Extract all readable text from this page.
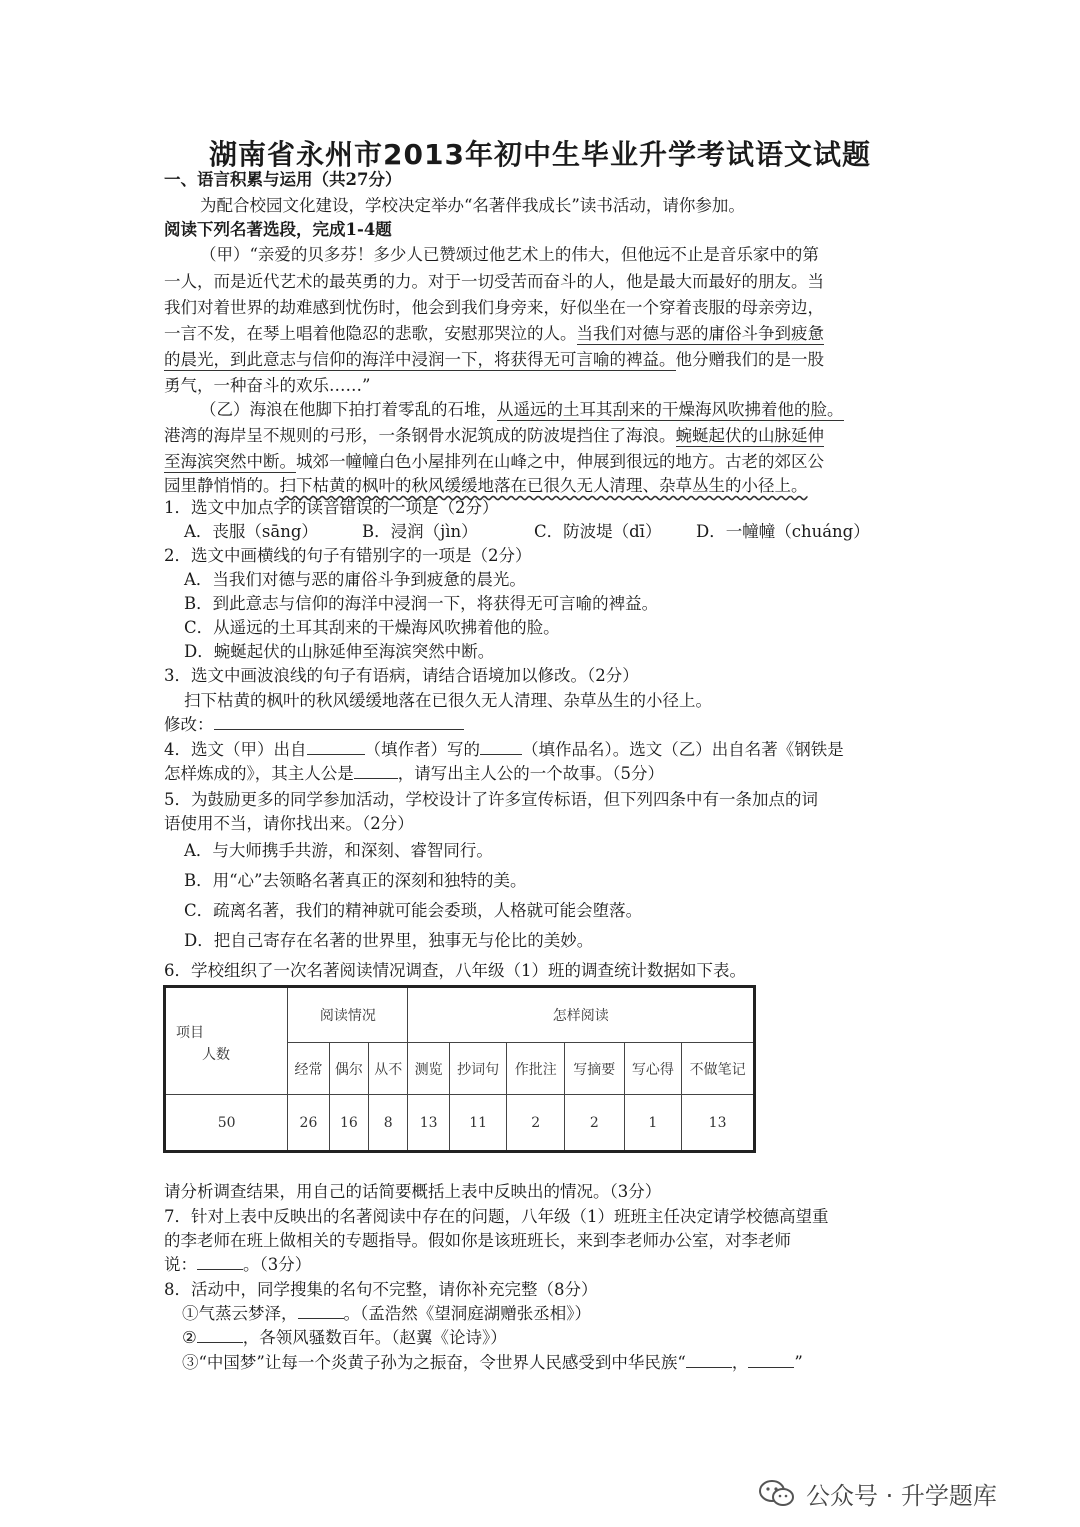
湖南省永州市2013年初中生毕业升学考试语文试题
一、语言积累与运用（共27分）
为配合校园文化建设，学校决定举办“名著伴我成长”读书活动，请你参加。
阅读下列名著选段，完成1-4题
（甲）“亲爱的贝多芬！多少人已赞颂过他艺术上的伟大，但他远不止是音乐家中的第
一人，而是近代艺术的最英勇的力。对于一切受苦而奋斗的人，他是最大而最好的朋友。当
我们对着世界的劫难感到忧伤时，他会到我们身旁来，好似坐在一个穿着丧服的母亲旁边，
一言不发，在琴上唱着他隐忍的悲歌，安慰那哭泣的人。当我们对德与恶的庸俗斗争到疲惫
的晨光，到此意志与信仰的海洋中浸润一下，将获得无可言喻的裨益。他分赠我们的是一股
勇气，一种奋斗的欢乐……”
（乙）海浪在他脚下拍打着零乱的石堆，从遥远的土耳其刮来的干燥海风吹拂着他的脸。
港湾的海岸呈不规则的弓形，一条钢骨水泥筑成的防波堤挡住了海浪。蜿蜒起伏的山脉延伸
至海滨突然中断。城郊一幢幢白色小屋排列在山峰之中，伸展到很远的地方。古老的郊区公
园里静悄悄的。扫下枯黄的枫叶的秋风缓缓地落在已很久无人清理、杂草丛生的小径上。
1．选文中加点字的读音错误的一项是（2分）
A．丧服（sāng）	B．浸润（jìn）	C．防波堤（dī） D．一幢幢（chuáng）
2．选文中画横线的句子有错别字的一项是（2分）
A．当我们对德与恶的庸俗斗争到疲惫的晨光。
B．到此意志与信仰的海洋中浸润一下，将获得无可言喻的裨益。
C．从遥远的土耳其刮来的干燥海风吹拂着他的脸。
D．蜿蜒起伏的山脉延伸至海滨突然中断。
3．选文中画波浪线的句子有语病，请结合语境加以修改。（2分）
扫下枯黄的枫叶的秋风缓缓地落在已很久无人清理、杂草丛生的小径上。
修改：
4．选文（甲）出自	（填作者）写的	（填作品名）。选文（乙）出自名著《钢铁是
怎样炼成的》，其主人公是	，请写出主人公的一个故事。（5分）
5．为鼓励更多的同学参加活动，学校设计了许多宣传标语，但下列四条中有一条加点的词
语使用不当，请你找出来。（2分）
A．与大师携手共游，和深刻、睿智同行。
B．用“心”去领略名著真正的深刻和独特的美。
C．疏离名著，我们的精神就可能会委琐，人格就可能会堕落。
D．把自己寄存在名著的世界里，独事无与伦比的美妙。
6．学校组织了一次名著阅读情况调查，八年级（1）班的调查统计数据如下表。
项目
人数	阅读情况			怎样阅读					
	经常	偶尔	从不	测览	抄词句	作批注	写摘要	写心得	不做笔记
50	26	16	8	13	11	2	2	1	13
请分析调查结果，用自己的话简要概括上表中反映出的情况。（3分）
7．针对上表中反映出的名著阅读中存在的问题，八年级（1）班班主任决定请学校德高望重
的李老师在班上做相关的专题指导。假如你是该班班长，来到李老师办公室，对李老师
说：	。（3分）
8．活动中，同学搜集的名句不完整，请你补充完整（8分）
①气蒸云梦泽，	。（孟浩然《望洞庭湖赠张丞相》）
②	，各领风骚数百年。（赵翼《论诗》）
③“中国梦”让每一个炎黄子孙为之振奋，令世界人民感受到中华民族“	，	”
公众号 · 升学题库
